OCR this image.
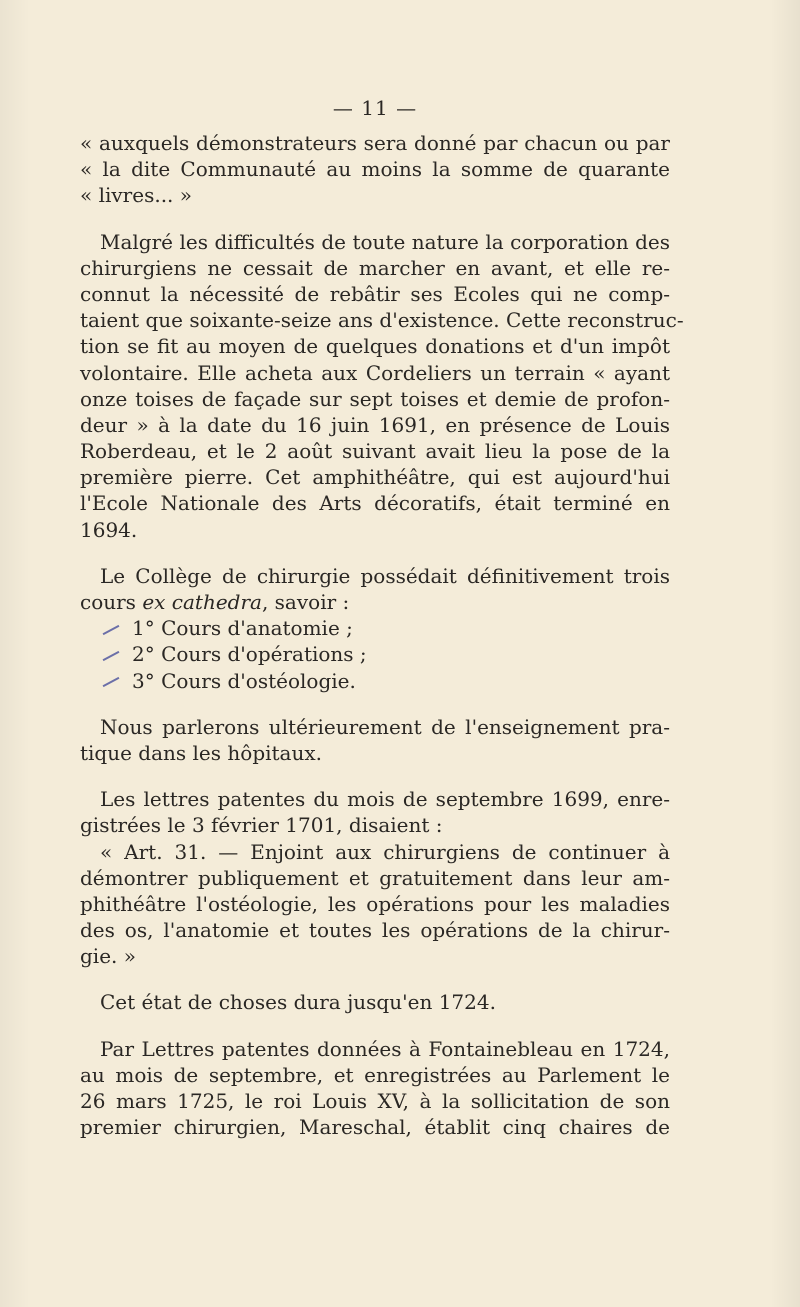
— 11 —
« auxquels démonstrateurs sera donné par chacun ou par
« la dite Communauté au moins la somme de quarante
« livres... »
Malgré les difficultés de toute nature la corporation des
chirurgiens ne cessait de marcher en avant, et elle re-
connut la nécessité de rebâtir ses Ecoles qui ne comp-
taient que soixante-seize ans d'existence. Cette reconstruc-
tion se fit au moyen de quelques donations et d'un impôt
volontaire. Elle acheta aux Cordeliers un terrain « ayant
onze toises de façade sur sept toises et demie de profon-
deur » à la date du 16 juin 1691, en présence de Louis
Roberdeau, et le 2 août suivant avait lieu la pose de la
première pierre. Cet amphithéâtre, qui est aujourd'hui
l'Ecole Nationale des Arts décoratifs, était terminé en
1694.
Le Collège de chirurgie possédait définitivement trois
cours ex cathedra, savoir :
1° Cours d'anatomie ;
2° Cours d'opérations ;
3° Cours d'ostéologie.
Nous parlerons ultérieurement de l'enseignement pra-
tique dans les hôpitaux.
Les lettres patentes du mois de septembre 1699, enre-
gistrées le 3 février 1701, disaient :
« Art. 31. — Enjoint aux chirurgiens de continuer à
démontrer publiquement et gratuitement dans leur am-
phithéâtre l'ostéologie, les opérations pour les maladies
des os, l'anatomie et toutes les opérations de la chirur-
gie. »
Cet état de choses dura jusqu'en 1724.
Par Lettres patentes données à Fontainebleau en 1724,
au mois de septembre, et enregistrées au Parlement le
26 mars 1725, le roi Louis XV, à la sollicitation de son
premier chirurgien, Mareschal, établit cinq chaires de
